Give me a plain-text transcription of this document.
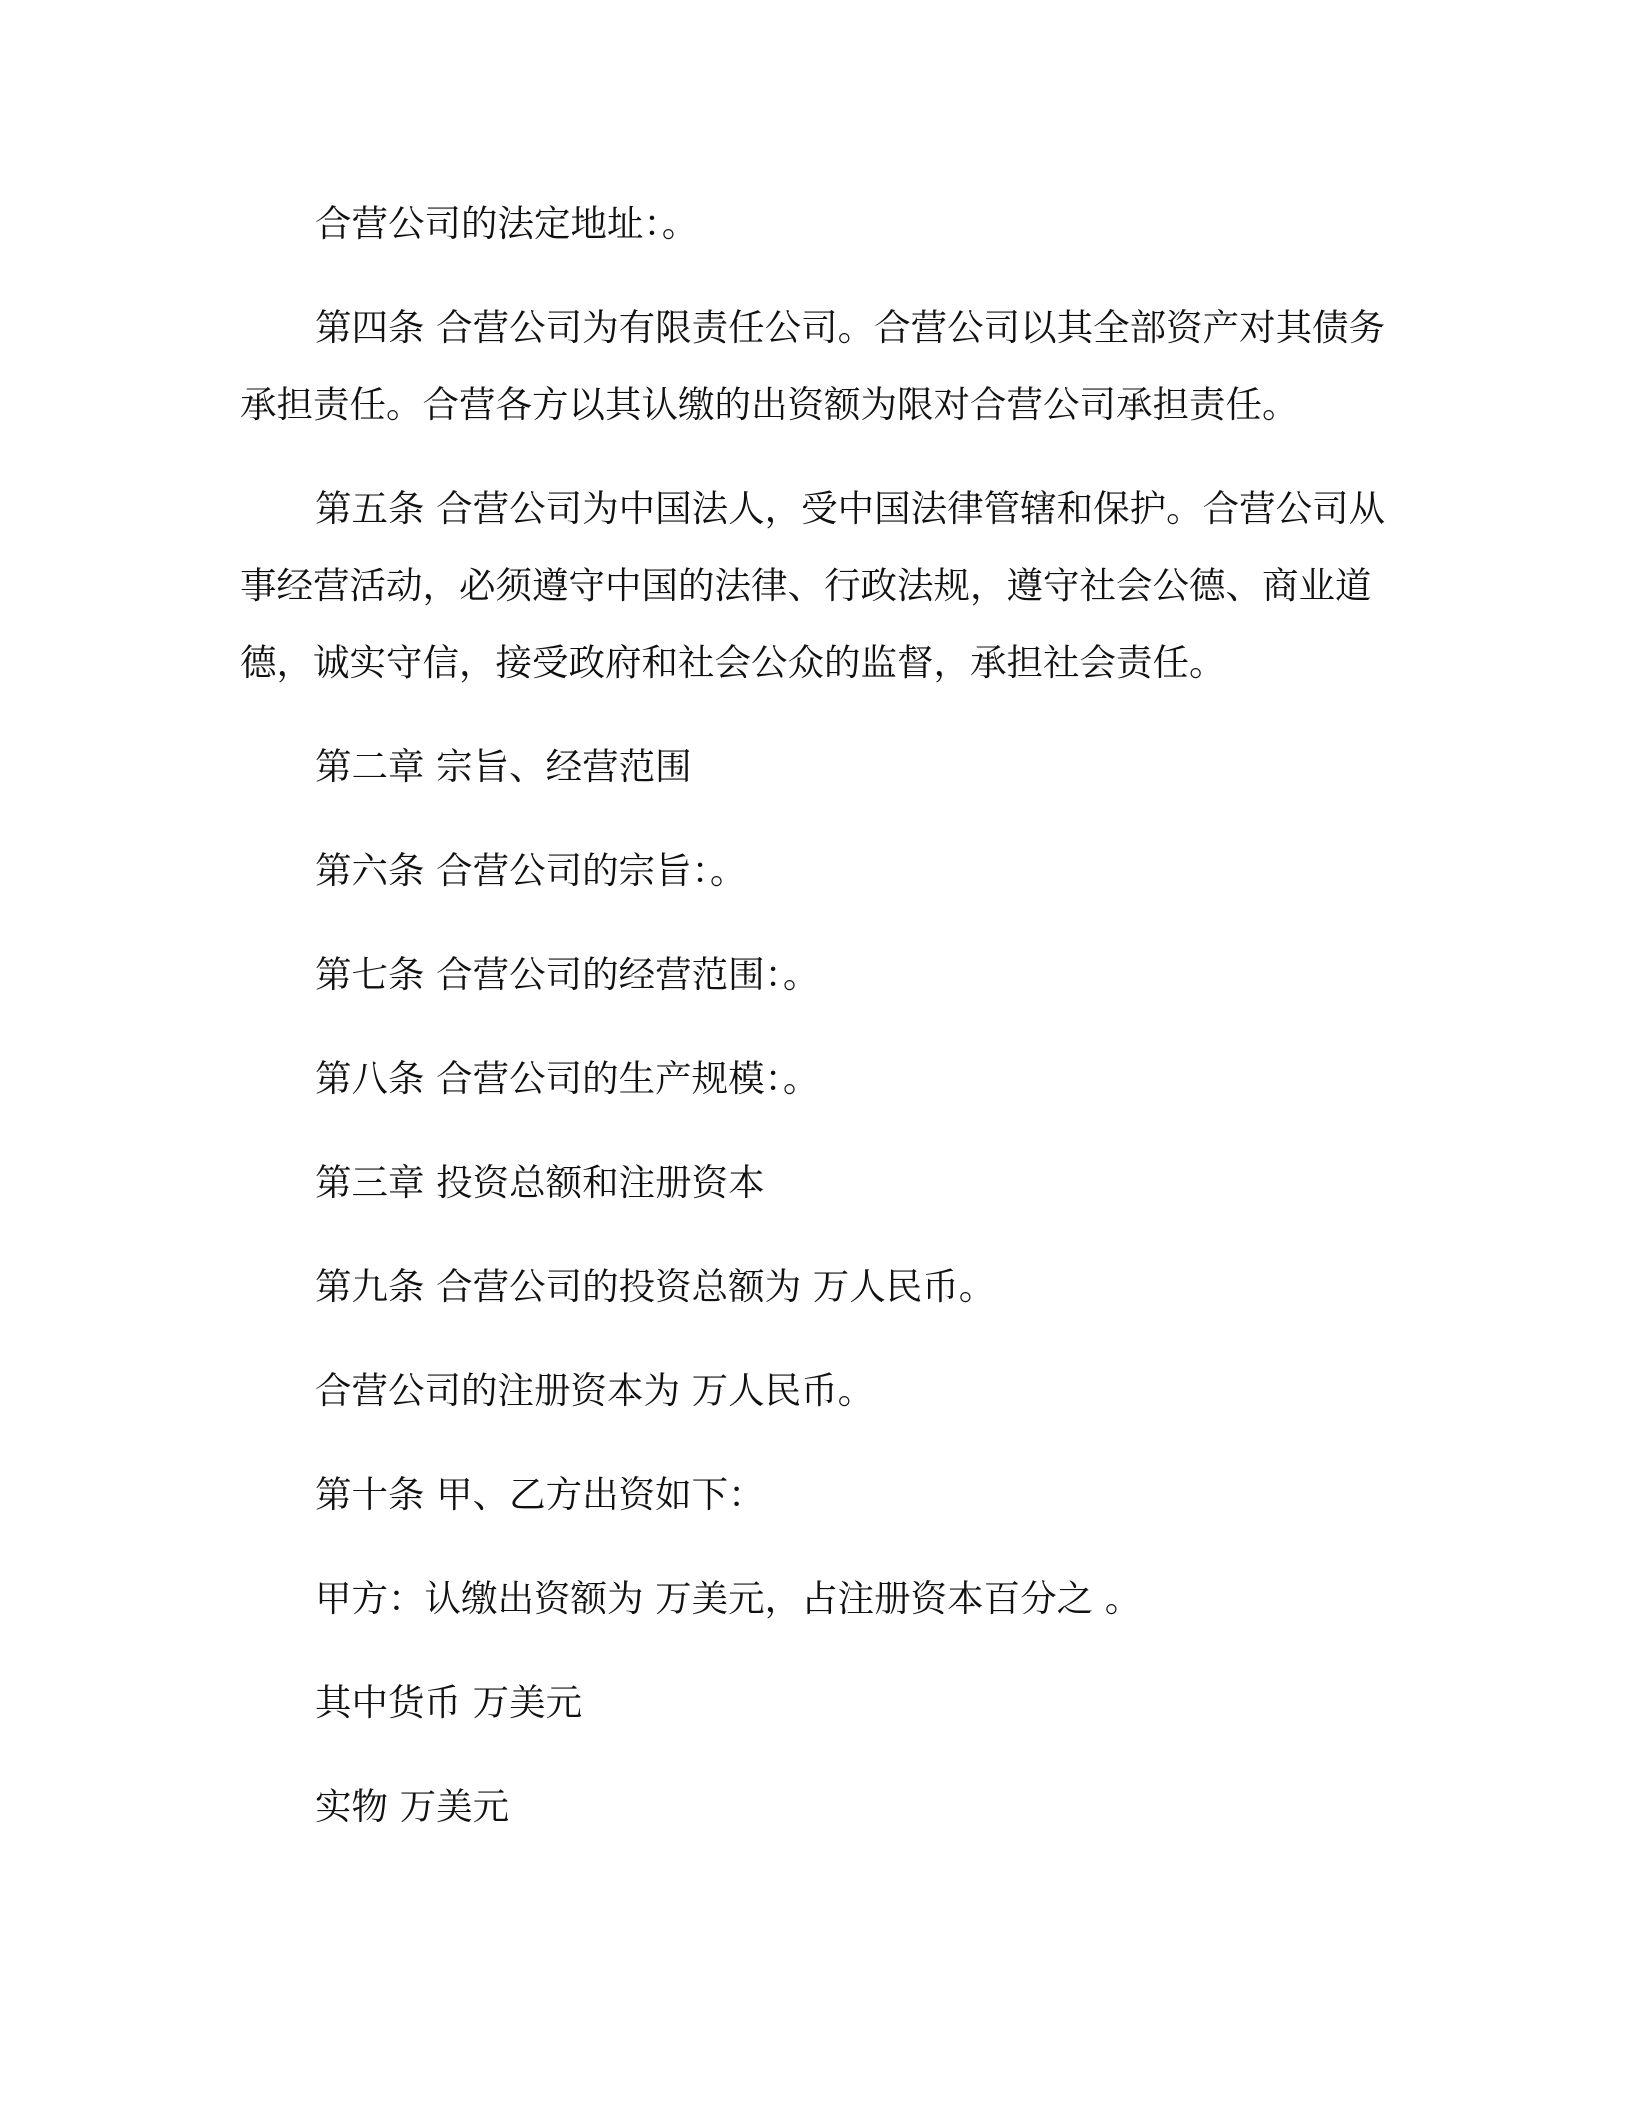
合营公司的法定地址：。

第四条 合营公司为有限责任公司。合营公司以其全部资产对其债务承担责任。合营各方以其认缴的出资额为限对合营公司承担责任。

第五条 合营公司为中国法人，受中国法律管辖和保护。合营公司从事经营活动，必须遵守中国的法律、行政法规，遵守社会公德、商业道德，诚实守信，接受政府和社会公众的监督，承担社会责任。

第二章 宗旨、经营范围

第六条 合营公司的宗旨：。

第七条 合营公司的经营范围：。

第八条 合营公司的生产规模：。

第三章 投资总额和注册资本

第九条 合营公司的投资总额为 万人民币。

合营公司的注册资本为 万人民币。

第十条 甲、乙方出资如下：

甲方：认缴出资额为 万美元，占注册资本百分之 。

其中货币 万美元

实物 万美元
